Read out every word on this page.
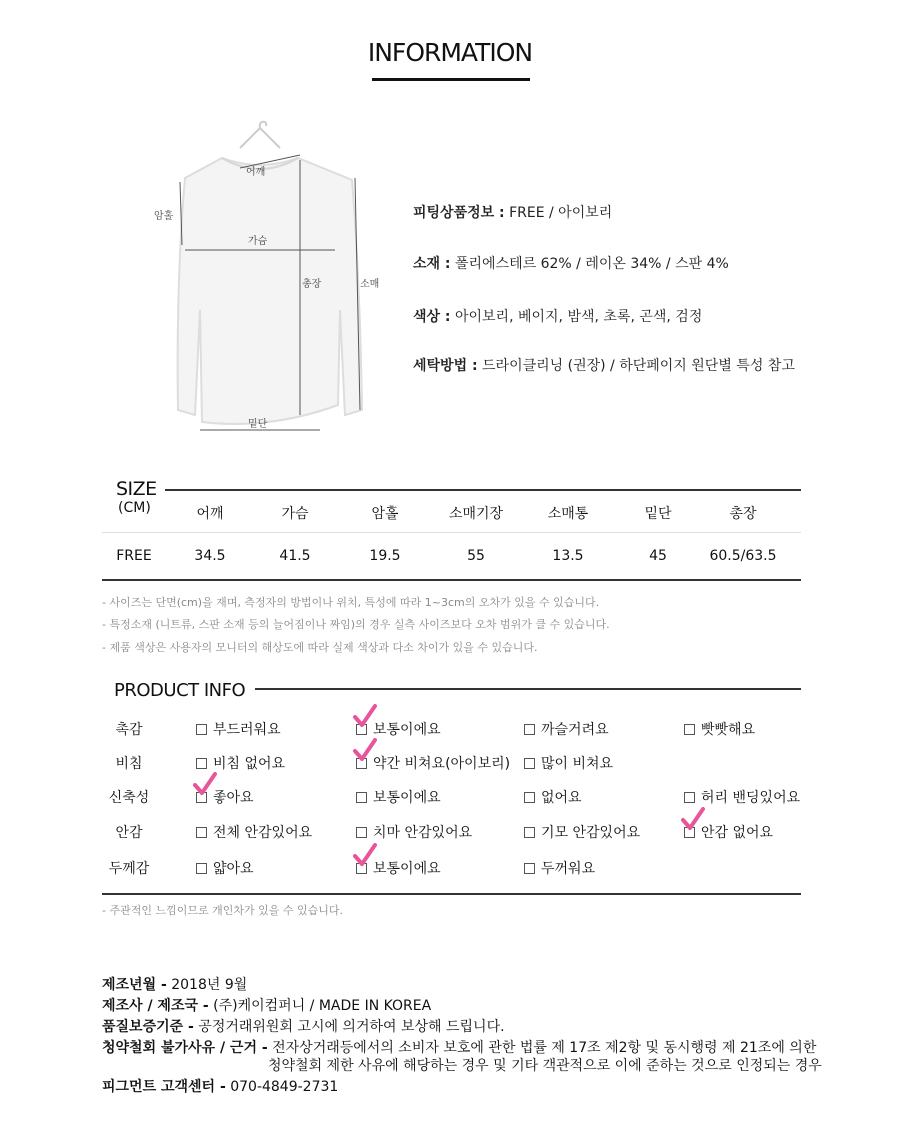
INFORMATION
어깨
암홀
가슴
총장	소매
밑단
피팅상품정보 : FREE / 아이보리
소재 : 폴리에스테르 62% / 레이온 34% / 스판 4%
색상 : 아이보리, 베이지, 밤색, 초록, 곤색, 검정
세탁방법 : 드라이클리닝 (권장) / 하단페이지 원단별 특성 참고
SIZE
(CM)	어깨	가슴	암홀	소매기장	소매통	밑단	총장
FREE	34.5	41.5	19.5	55	13.5	45	60.5/63.5
- 사이즈는 단면(cm)을 재며, 측정자의 방법이나 위치, 특성에 따라 1~3cm의 오차가 있을 수 있습니다.
- 특정소재 (니트류, 스판 소재 등의 늘어짐이나 짜임)의 경우 실측 사이즈보다 오차 범위가 클 수 있습니다.
- 제품 색상은 사용자의 모니터의 해상도에 따라 실제 색상과 다소 차이가 있을 수 있습니다.
PRODUCT INFO
촉감	부드러워요	보통이에요	까슬거려요	빳빳해요
비침	비침 없어요	약간 비쳐요(아이보리)	많이 비쳐요
신축성	좋아요	보통이에요	없어요	허리 밴딩있어요
안감	전체 안감있어요	치마 안감있어요	기모 안감있어요	안감 없어요
두께감	얇아요	보통이에요	두꺼워요
- 주관적인 느낌이므로 개인차가 있을 수 있습니다.
제조년월 - 2018년 9월
제조사 / 제조국 - (주)케이컴퍼니 / MADE IN KOREA
품질보증기준 - 공정거래위원회 고시에 의거하여 보상해 드립니다.
청약철회 불가사유 / 근거 - 전자상거래등에서의 소비자 보호에 관한 법률 제 17조 제2항 및 동시행령 제 21조에 의한
청약철회 제한 사유에 해당하는 경우 및 기타 객관적으로 이에 준하는 것으로 인정되는 경우
피그먼트 고객센터 - 070-4849-2731
